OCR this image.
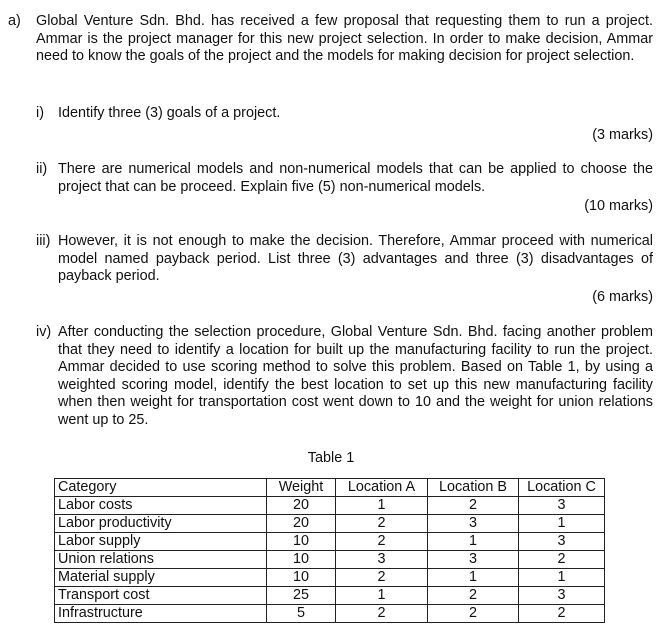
a) Global Venture Sdn. Bhd. has received a few proposal that requesting them to run a project. Ammar is the project manager for this new project selection. In order to make decision, Ammar need to know the goals of the project and the models for making decision for project selection.
i) Identify three (3) goals of a project.
(3 marks)
ii) There are numerical models and non-numerical models that can be applied to choose the project that can be proceed. Explain five (5) non-numerical models.
(10 marks)
iii) However, it is not enough to make the decision. Therefore, Ammar proceed with numerical model named payback period. List three (3) advantages and three (3) disadvantages of payback period.
(6 marks)
iv) After conducting the selection procedure, Global Venture Sdn. Bhd. facing another problem that they need to identify a location for built up the manufacturing facility to run the project. Ammar decided to use scoring method to solve this problem. Based on Table 1, by using a weighted scoring model, identify the best location to set up this new manufacturing facility when then weight for transportation cost went down to 10 and the weight for union relations went up to 25.
Table 1
Category	Weight	Location A	Location B	Location C
Labor costs	20	1	2	3
Labor productivity	20	2	3	1
Labor supply	10	2	1	3
Union relations	10	3	3	2
Material supply	10	2	1	1
Transport cost	25	1	2	3
Infrastructure	5	2	2	2
